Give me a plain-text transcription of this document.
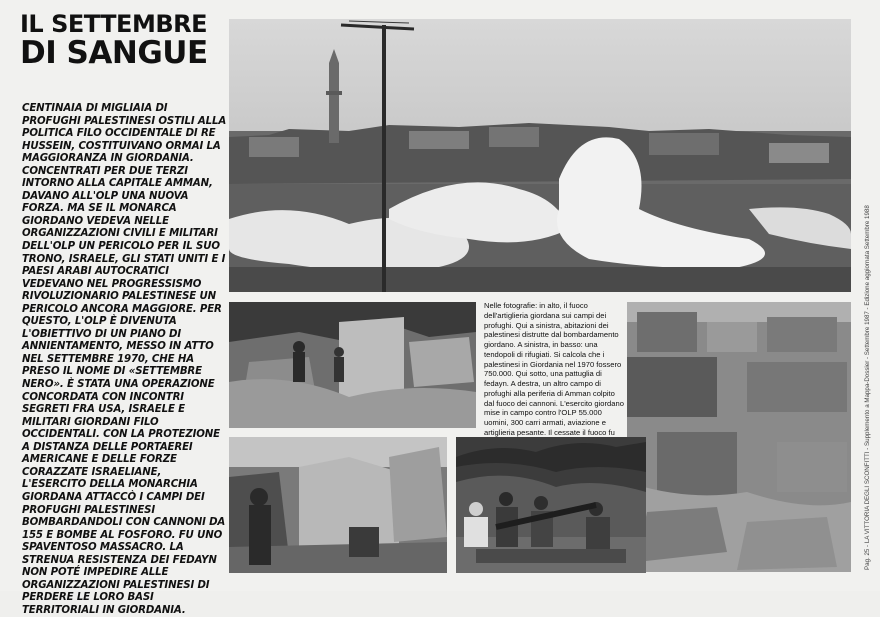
IL SETTEMBRE
DI SANGUE
CENTINAIA DI MIGLIAIA DI PROFUGHI PALESTINESI OSTILI ALLA POLITICA FILO OCCIDENTALE DI RE HUSSEIN, COSTITUIVANO ORMAI LA MAGGIORANZA IN GIORDANIA. CONCENTRATI PER DUE TERZI INTORNO ALLA CAPITALE AMMAN, DAVANO ALL'OLP UNA NUOVA FORZA. MA SE IL MONARCA GIORDANO VEDEVA NELLE ORGANIZZAZIONI CIVILI E MILITARI DELL'OLP UN PERICOLO PER IL SUO TRONO, ISRAELE, GLI STATI UNITI E I PAESI ARABI AUTOCRATICI VEDEVANO NEL PROGRESSISMO RIVOLUZIONARIO PALESTINESE UN PERICOLO ANCORA MAGGIORE. PER QUESTO, L'OLP È DIVENUTA L'OBIETTIVO DI UN PIANO DI ANNIENTAMENTO, MESSO IN ATTO NEL SETTEMBRE 1970, CHE HA PRESO IL NOME DI «SETTEMBRE NERO». È STATA UNA OPERAZIONE CONCORDATA CON INCONTRI SEGRETI FRA USA, ISRAELE E MILITARI GIORDANI FILO OCCIDENTALI. CON LA PROTEZIONE A DISTANZA DELLE PORTAEREI AMERICANE E DELLE FORZE CORAZZATE ISRAELIANE, L'ESERCITO DELLA MONARCHIA GIORDANA ATTACCÒ I CAMPI DEI PROFUGHI PALESTINESI BOMBARDANDOLI CON CANNONI DA 155 E BOMBE AL FOSFORO. FU UNO SPAVENTOSO MASSACRO. LA STRENUA RESISTENZA DEI FEDAYN NON POTÉ IMPEDIRE ALLE ORGANIZZAZIONI PALESTINESI DI PERDERE LE LORO BASI TERRITORIALI IN GIORDANIA.
Nelle fotografie: in alto, il fuoco dell'artiglieria giordana sui campi dei profughi. Qui a sinistra, abitazioni dei palestinesi distrutte dal bombardamento giordano. A sinistra, in basso: una tendopoli di rifugiati. Si calcola che i palestinesi in Giordania nel 1970 fossero 750.000. Qui sotto, una pattuglia di fedayn. A destra, un altro campo di profughi alla periferia di Amman colpito dal fuoco dei cannoni. L'esercito giordano mise in campo contro l'OLP 55.000 uomini, 300 carri armati, aviazione e artiglieria pesante. Il cessate il fuoco fu	Pag. 25 - LA VITTORIA DEGLI SCONFITTI - Supplemento a Mappa-Dossier - Settembre 1987 - Edizione aggiornata Settembre 1988
